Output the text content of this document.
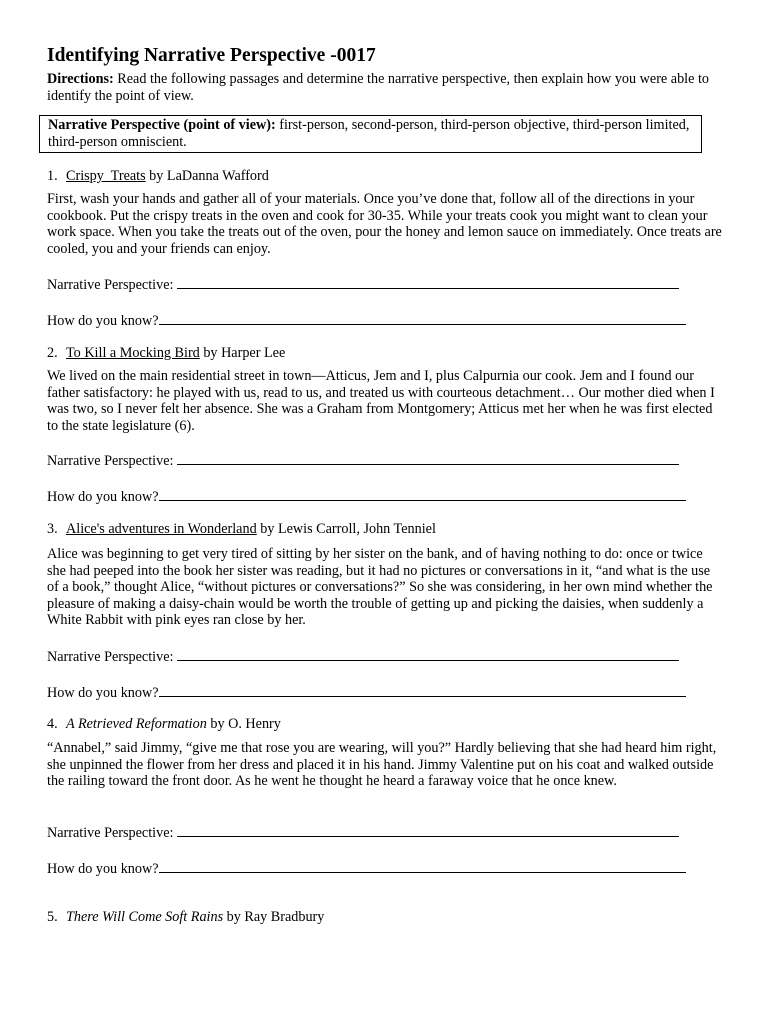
Identifying Narrative Perspective -0017

Directions: Read the following passages and determine the narrative perspective, then explain how you were able to identify the point of view.

Narrative Perspective (point of view): first-person, second-person, third-person objective, third-person limited, third-person omniscient.

1. Crispy  Treats by LaDanna Wafford

First, wash your hands and gather all of your materials. Once you’ve done that, follow all of the directions in your cookbook. Put the crispy treats in the oven and cook for 30-35. While your treats cook you might want to clean your work space. When you take the treats out of the oven, pour the honey and lemon sauce on immediately. Once treats are cooled, you and your friends can enjoy.

Narrative Perspective:

How do you know?

2. To Kill a Mocking Bird by Harper Lee

We lived on the main residential street in town—Atticus, Jem and I, plus Calpurnia our cook. Jem and I found our father satisfactory: he played with us, read to us, and treated us with courteous detachment… Our mother died when I was two, so I never felt her absence. She was a Graham from Montgomery; Atticus met her when he was first elected to the state legislature (6).

Narrative Perspective:

How do you know?

3. Alice's adventures in Wonderland by Lewis Carroll, John Tenniel

Alice was beginning to get very tired of sitting by her sister on the bank, and of having nothing to do: once or twice she had peeped into the book her sister was reading, but it had no pictures or conversations in it, “and what is the use of a book,” thought Alice, “without pictures or conversations?” So she was considering, in her own mind whether the pleasure of making a daisy-chain would be worth the trouble of getting up and picking the daisies, when suddenly a White Rabbit with pink eyes ran close by her.

Narrative Perspective:

How do you know?

4. A Retrieved Reformation by O. Henry

“Annabel,” said Jimmy, “give me that rose you are wearing, will you?” Hardly believing that she had heard him right, she unpinned the flower from her dress and placed it in his hand. Jimmy Valentine put on his coat and walked outside the railing toward the front door. As he went he thought he heard a faraway voice that he once knew.

Narrative Perspective:

How do you know?

5. There Will Come Soft Rains by Ray Bradbury
